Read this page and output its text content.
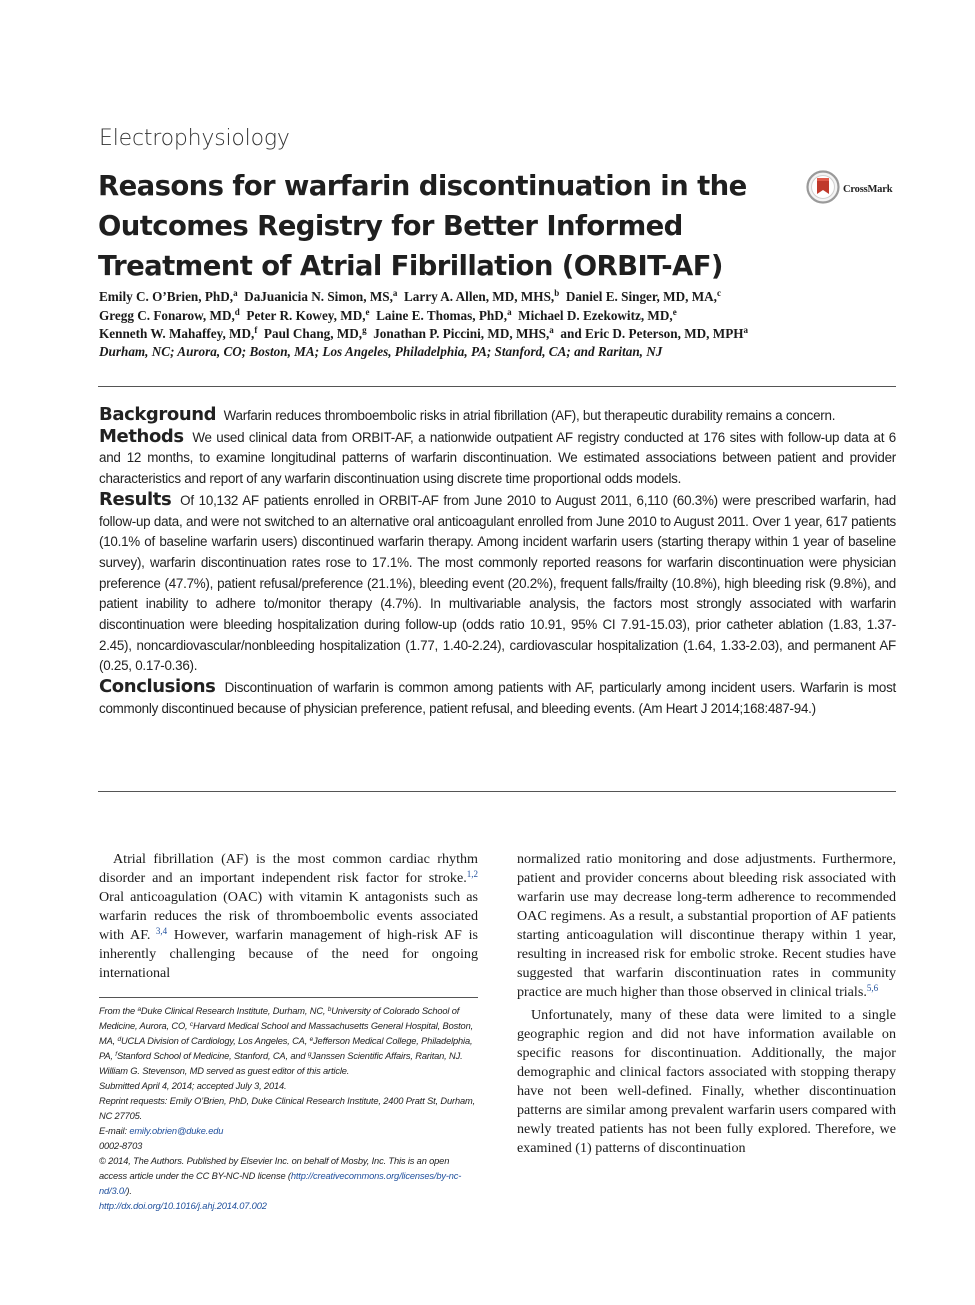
Electrophysiology
Reasons for warfarin discontinuation in the Outcomes Registry for Better Informed Treatment of Atrial Fibrillation (ORBIT-AF)
CrossMark
Emily C. O’Brien, PhD,$^a$ DaJuanicia N. Simon, MS,$^a$ Larry A. Allen, MD, MHS,$^b$ Daniel E. Singer, MD, MA,$^c$
Gregg C. Fonarow, MD,$^d$ Peter R. Kowey, MD,$^e$ Laine E. Thomas, PhD,$^a$ Michael D. Ezekowitz, MD,$^e$
Kenneth W. Mahaffey, MD,$^f$ Paul Chang, MD,$^g$ Jonathan P. Piccini, MD, MHS,$^a$ and Eric D. Peterson, MD, MPH$^a$
Durham, NC; Aurora, CO; Boston, MA; Los Angeles, Philadelphia, PA; Stanford, CA; and Raritan, NJ

Background Warfarin reduces thromboembolic risks in atrial fibrillation (AF), but therapeutic durability remains a concern.

Methods We used clinical data from ORBIT-AF, a nationwide outpatient AF registry conducted at 176 sites with follow-up data at 6 and 12 months, to examine longitudinal patterns of warfarin discontinuation. We estimated associations between patient and provider characteristics and report of any warfarin discontinuation using discrete time proportional odds models.

Results Of 10,132 AF patients enrolled in ORBIT-AF from June 2010 to August 2011, 6,110 (60.3%) were prescribed warfarin, had follow-up data, and were not switched to an alternative oral anticoagulant enrolled from June 2010 to August 2011. Over 1 year, 617 patients (10.1% of baseline warfarin users) discontinued warfarin therapy. Among incident warfarin users (starting therapy within 1 year of baseline survey), warfarin discontinuation rates rose to 17.1%. The most commonly reported reasons for warfarin discontinuation were physician preference (47.7%), patient refusal/preference (21.1%), bleeding event (20.2%), frequent falls/frailty (10.8%), high bleeding risk (9.8%), and patient inability to adhere to/monitor therapy (4.7%). In multivariable analysis, the factors most strongly associated with warfarin discontinuation were bleeding hospitalization during follow-up (odds ratio 10.91, 95% CI 7.91-15.03), prior catheter ablation (1.83, 1.37-2.45), noncardiovascular/nonbleeding hospitalization (1.77, 1.40-2.24), cardiovascular hospitalization (1.64, 1.33-2.03), and permanent AF (0.25, 0.17-0.36).

Conclusions Discontinuation of warfarin is common among patients with AF, particularly among incident users. Warfarin is most commonly discontinued because of physician preference, patient refusal, and bleeding events. (Am Heart J 2014;168:487-94.)

Atrial fibrillation (AF) is the most common cardiac rhythm disorder and an important independent risk factor for stroke.$^{1,2}$ Oral anticoagulation (OAC) with vitamin K antagonists such as warfarin reduces the risk of thromboembolic events associated with AF. $^{3,4}$ However, warfarin management of high-risk AF is inherently challenging because of the need for ongoing international

From the $^a$Duke Clinical Research Institute, Durham, NC, $^b$University of Colorado School of Medicine, Aurora, CO, $^c$Harvard Medical School and Massachusetts General Hospital, Boston, MA, $^d$UCLA Division of Cardiology, Los Angeles, CA, $^e$Jefferson Medical College, Philadelphia, PA, $^f$Stanford School of Medicine, Stanford, CA, and $^g$Janssen Scientific Affairs, Raritan, NJ.
William G. Stevenson, MD served as guest editor of this article.
Submitted April 4, 2014; accepted July 3, 2014.
Reprint requests: Emily O’Brien, PhD, Duke Clinical Research Institute, 2400 Pratt St, Durham, NC 27705.
E-mail: emily.obrien@duke.edu
0002-8703
© 2014, The Authors. Published by Elsevier Inc. on behalf of Mosby, Inc. This is an open access article under the CC BY-NC-ND license (http://creativecommons.org/licenses/by-nc-nd/3.0/).
http://dx.doi.org/10.1016/j.ahj.2014.07.002

normalized ratio monitoring and dose adjustments. Furthermore, patient and provider concerns about bleeding risk associated with warfarin use may decrease long-term adherence to recommended OAC regimens. As a result, a substantial proportion of AF patients starting anticoagulation will discontinue therapy within 1 year, resulting in increased risk for embolic stroke. Recent studies have suggested that warfarin discontinuation rates in community practice are much higher than those observed in clinical trials.$^{5,6}$

Unfortunately, many of these data were limited to a single geographic region and did not have information available on specific reasons for discontinuation. Additionally, the major demographic and clinical factors associated with stopping therapy have not been well-defined. Finally, whether discontinuation patterns are similar among prevalent warfarin users compared with newly treated patients has not been fully explored. Therefore, we examined (1) patterns of discontinuation
